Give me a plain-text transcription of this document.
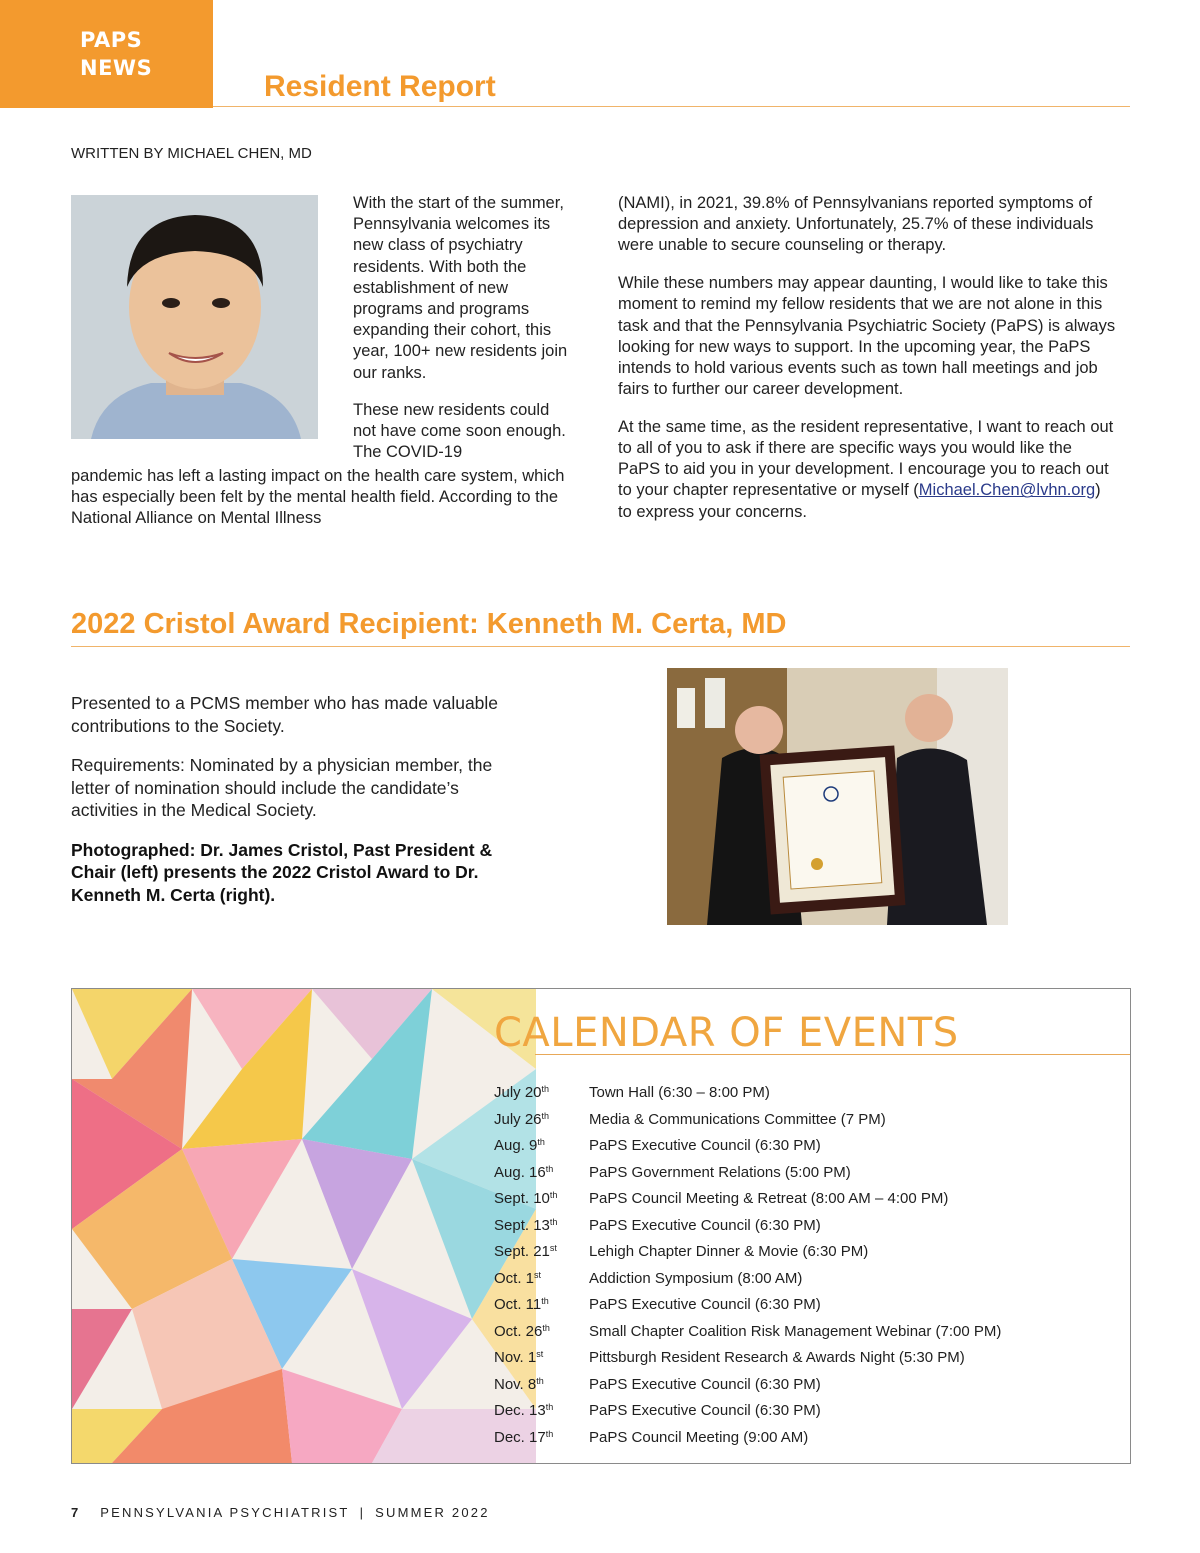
PAPS
NEWS
Resident Report
WRITTEN BY MICHAEL CHEN, MD

With the start of the summer, Pennsylvania welcomes its new class of psychiatry residents. With both the establishment of new programs and programs expanding their cohort, this year, 100+ new residents join our ranks.

These new residents could not have come soon enough. The COVID-19

pandemic has left a lasting impact on the health care system, which has especially been felt by the mental health field. According to the National Alliance on Mental Illness

(NAMI), in 2021, 39.8% of Pennsylvanians reported symptoms of depression and anxiety. Unfortunately, 25.7% of these individuals were unable to secure counseling or therapy.

While these numbers may appear daunting, I would like to take this moment to remind my fellow residents that we are not alone in this task and that the Pennsylvania Psychiatric Society (PaPS) is always looking for new ways to support. In the upcoming year, the PaPS intends to hold various events such as town hall meetings and job fairs to further our career development.

At the same time, as the resident representative, I want to reach out to all of you to ask if there are specific ways you would like the PaPS to aid you in your development. I encourage you to reach out to your chapter representative or myself (Michael.Chen@lvhn.org) to express your concerns.

2022 Cristol Award Recipient: Kenneth M. Certa, MD

Presented to a PCMS member who has made valuable contributions to the Society.

Requirements: Nominated by a physician member, the letter of nomination should include the candidate’s activities in the Medical Society.

Photographed: Dr. James Cristol, Past President & Chair (left) presents the 2022 Cristol Award to Dr. Kenneth M. Certa (right).

CALENDAR OF EVENTS
July 20th	Town Hall (6:30 – 8:00 PM)
July 26th	Media & Communications Committee (7 PM)
Aug. 9th	PaPS Executive Council (6:30 PM)
Aug. 16th	PaPS Government Relations (5:00 PM)
Sept. 10th	PaPS Council Meeting & Retreat (8:00 AM – 4:00 PM)
Sept. 13th	PaPS Executive Council (6:30 PM)
Sept. 21st	Lehigh Chapter Dinner & Movie (6:30 PM)
Oct. 1st	Addiction Symposium (8:00 AM)
Oct. 11th	PaPS Executive Council (6:30 PM)
Oct. 26th	Small Chapter Coalition Risk Management Webinar (7:00 PM)
Nov. 1st	Pittsburgh Resident Research & Awards Night (5:30 PM)
Nov. 8th	PaPS Executive Council (6:30 PM)
Dec. 13th	PaPS Executive Council (6:30 PM)
Dec. 17th	PaPS Council Meeting (9:00 AM)
7 PENNSYLVANIA PSYCHIATRIST | SUMMER 2022
